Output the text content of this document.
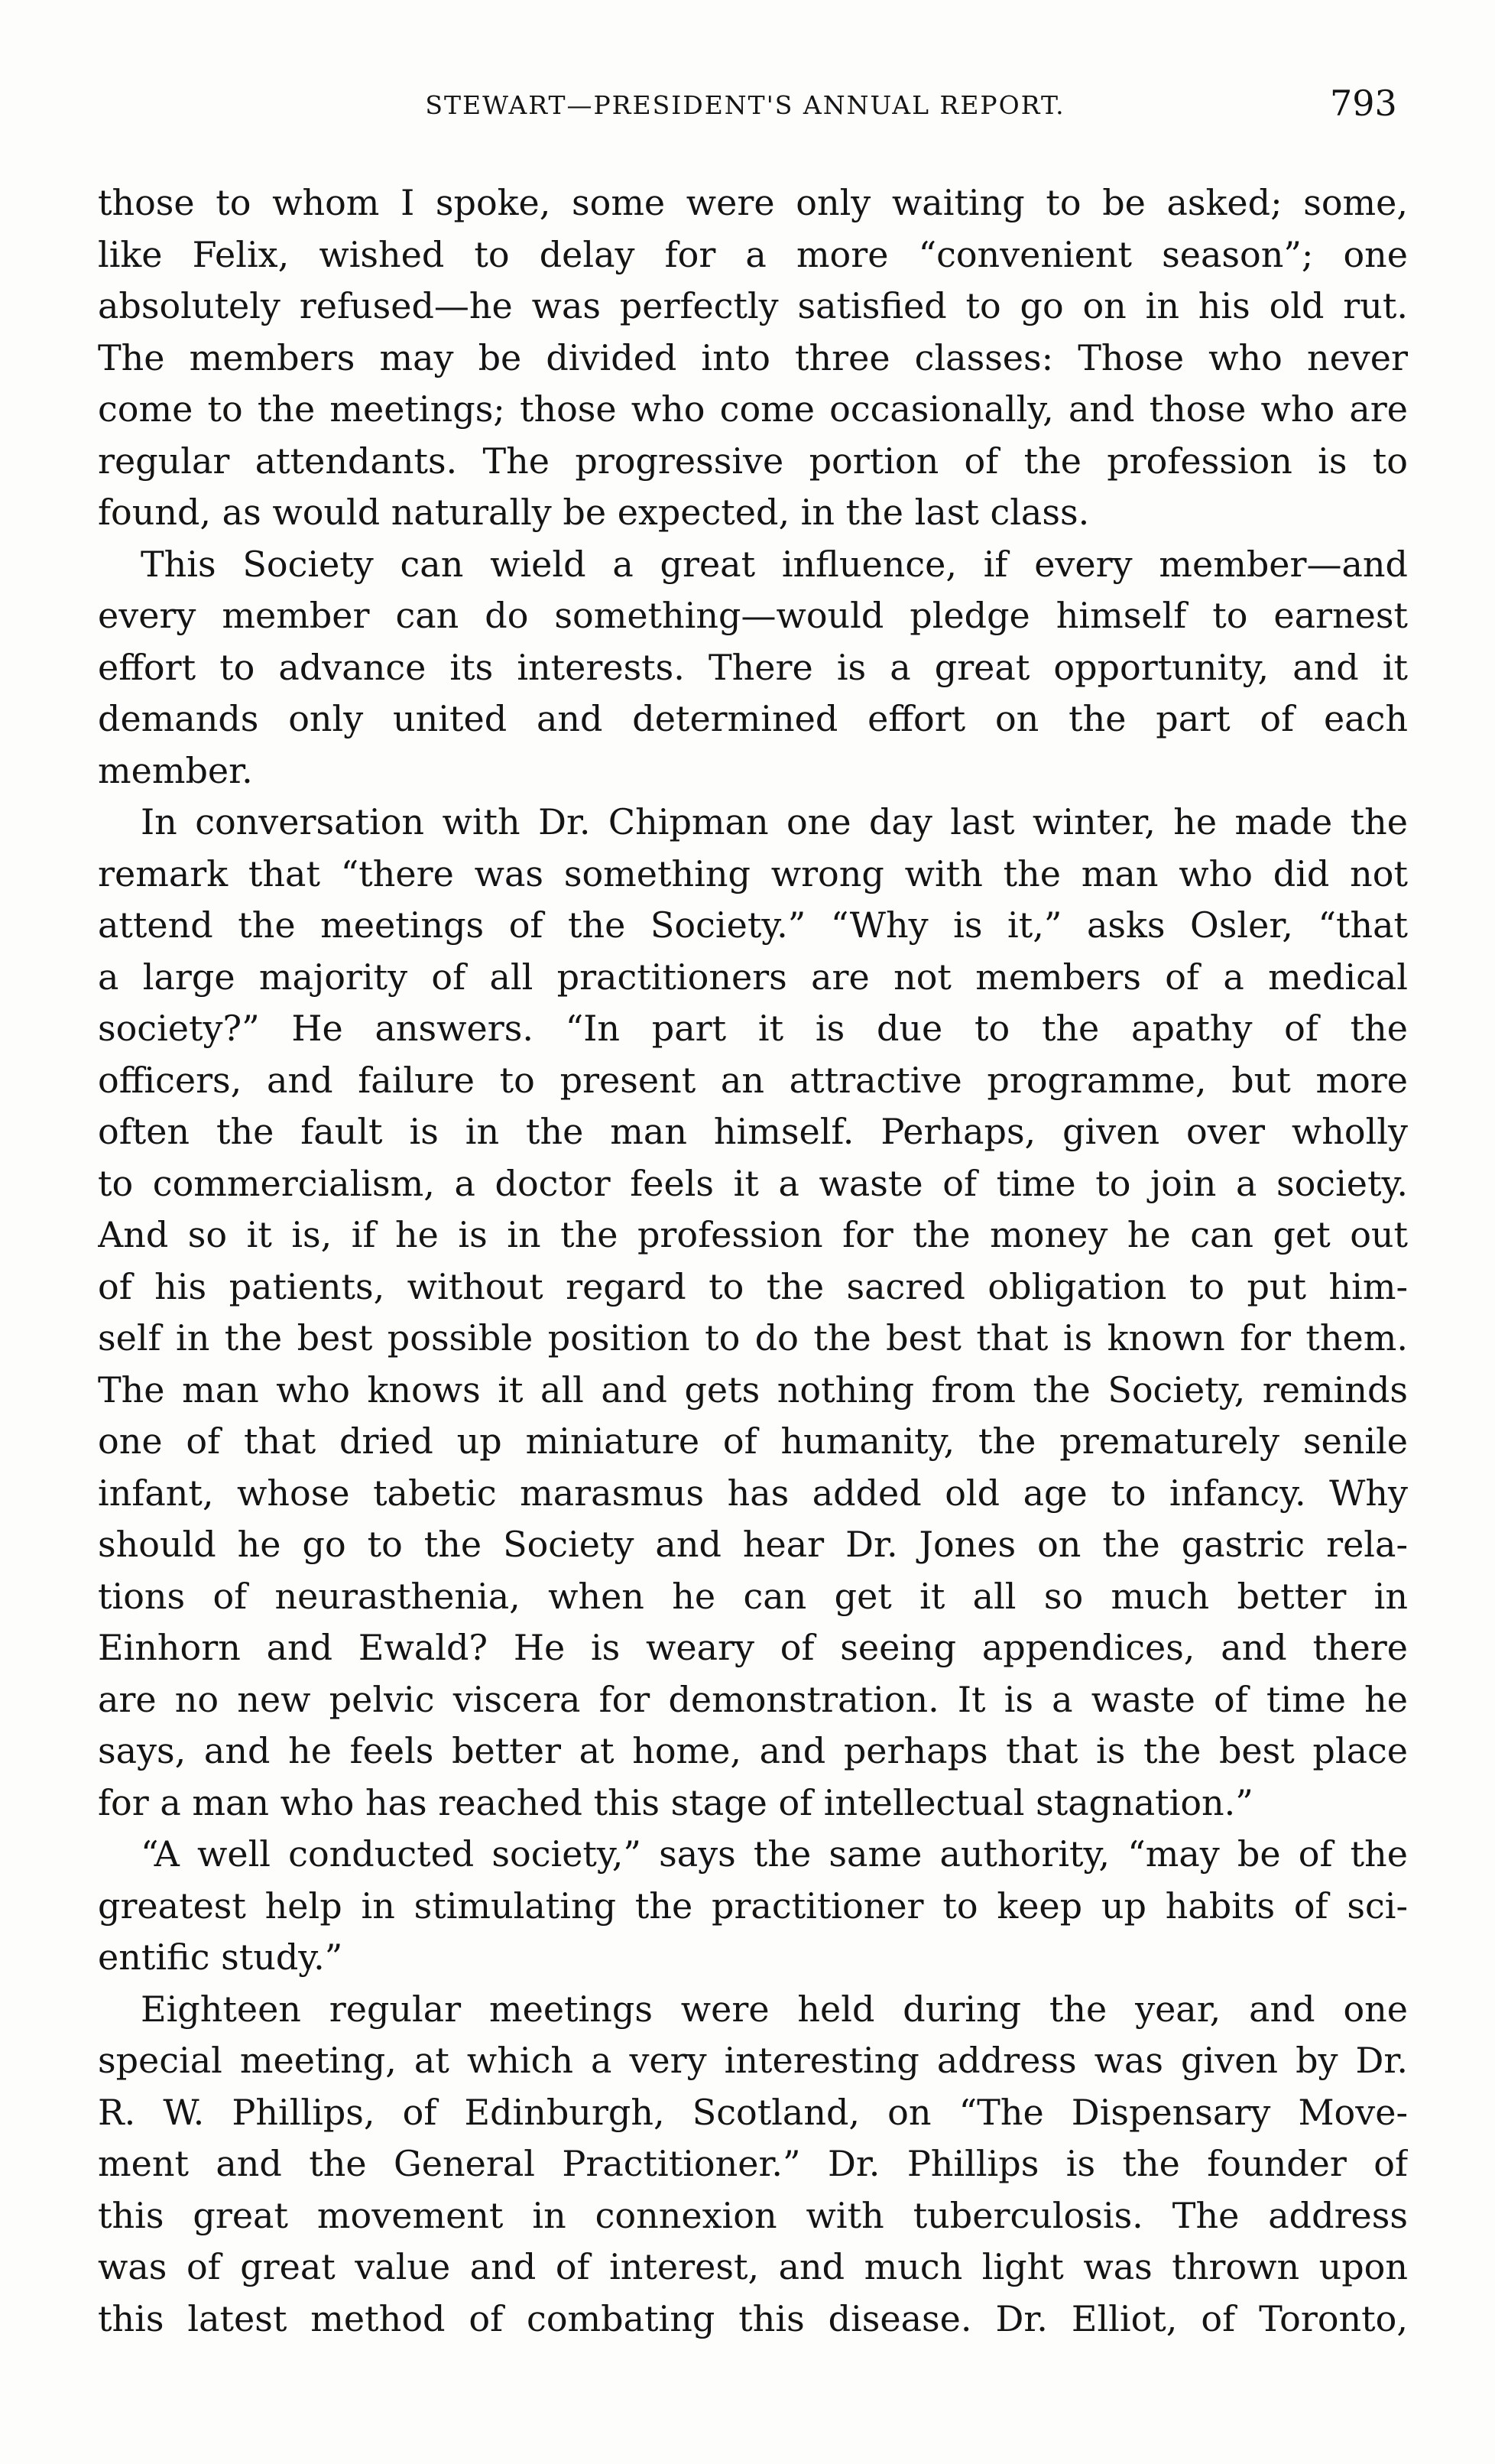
STEWART—PRESIDENT'S ANNUAL REPORT.	793
those to whom I spoke, some were only waiting to be asked; some,
like Felix, wished to delay for a more “convenient season”; one
absolutely refused—he was perfectly satisfied to go on in his old rut.
The members may be divided into three classes: Those who never
come to the meetings; those who come occasionally, and those who are
regular attendants. The progressive portion of the profession is to
found, as would naturally be expected, in the last class.
This Society can wield a great influence, if every member—and
every member can do something—would pledge himself to earnest
effort to advance its interests. There is a great opportunity, and it
demands only united and determined effort on the part of each
member.
In conversation with Dr. Chipman one day last winter, he made the
remark that “there was something wrong with the man who did not
attend the meetings of the Society.” “Why is it,” asks Osler, “that
a large majority of all practitioners are not members of a medical
society?” He answers. “In part it is due to the apathy of the
officers, and failure to present an attractive programme, but more
often the fault is in the man himself. Perhaps, given over wholly
to commercialism, a doctor feels it a waste of time to join a society.
And so it is, if he is in the profession for the money he can get out
of his patients, without regard to the sacred obligation to put him-
self in the best possible position to do the best that is known for them.
The man who knows it all and gets nothing from the Society, reminds
one of that dried up miniature of humanity, the prematurely senile
infant, whose tabetic marasmus has added old age to infancy. Why
should he go to the Society and hear Dr. Jones on the gastric rela-
tions of neurasthenia, when he can get it all so much better in
Einhorn and Ewald? He is weary of seeing appendices, and there
are no new pelvic viscera for demonstration. It is a waste of time he
says, and he feels better at home, and perhaps that is the best place
for a man who has reached this stage of intellectual stagnation.”
“A well conducted society,” says the same authority, “may be of the
greatest help in stimulating the practitioner to keep up habits of sci-
entific study.”
Eighteen regular meetings were held during the year, and one
special meeting, at which a very interesting address was given by Dr.
R. W. Phillips, of Edinburgh, Scotland, on “The Dispensary Move-
ment and the General Practitioner.” Dr. Phillips is the founder of
this great movement in connexion with tuberculosis. The address
was of great value and of interest, and much light was thrown upon
this latest method of combating this disease. Dr. Elliot, of Toronto,
